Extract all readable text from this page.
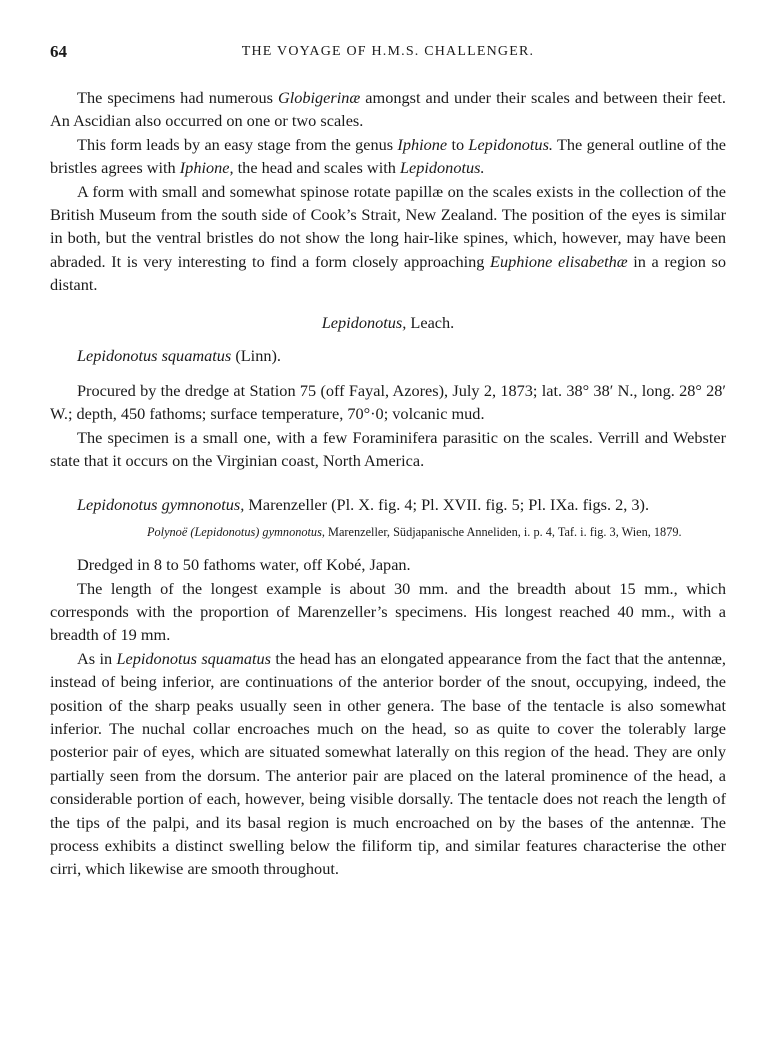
64	THE VOYAGE OF H.M.S. CHALLENGER.

The specimens had numerous Globigerinæ amongst and under their scales and between their feet. An Ascidian also occurred on one or two scales.

This form leads by an easy stage from the genus Iphione to Lepidonotus. The general outline of the bristles agrees with Iphione, the head and scales with Lepidonotus.

A form with small and somewhat spinose rotate papillæ on the scales exists in the collection of the British Museum from the south side of Cook’s Strait, New Zealand. The position of the eyes is similar in both, but the ventral bristles do not show the long hair-like spines, which, however, may have been abraded. It is very interesting to find a form closely approaching Euphione elisabethæ in a region so distant.

Lepidonotus, Leach.

Lepidonotus squamatus (Linn).

Procured by the dredge at Station 75 (off Fayal, Azores), July 2, 1873; lat. 38° 38′ N., long. 28° 28′ W.; depth, 450 fathoms; surface temperature, 70°·0; volcanic mud.

The specimen is a small one, with a few Foraminifera parasitic on the scales. Verrill and Webster state that it occurs on the Virginian coast, North America.

Lepidonotus gymnonotus, Marenzeller (Pl. X. fig. 4; Pl. XVII. fig. 5; Pl. IXa. figs. 2, 3).

Polynoë (Lepidonotus) gymnonotus, Marenzeller, Südjapanische Anneliden, i. p. 4, Taf. i. fig. 3, Wien, 1879.

Dredged in 8 to 50 fathoms water, off Kobé, Japan.

The length of the longest example is about 30 mm. and the breadth about 15 mm., which corresponds with the proportion of Marenzeller’s specimens. His longest reached 40 mm., with a breadth of 19 mm.

As in Lepidonotus squamatus the head has an elongated appearance from the fact that the antennæ, instead of being inferior, are continuations of the anterior border of the snout, occupying, indeed, the position of the sharp peaks usually seen in other genera. The base of the tentacle is also somewhat inferior. The nuchal collar encroaches much on the head, so as quite to cover the tolerably large posterior pair of eyes, which are situated somewhat laterally on this region of the head. They are only partially seen from the dorsum. The anterior pair are placed on the lateral prominence of the head, a considerable portion of each, however, being visible dorsally. The tentacle does not reach the length of the tips of the palpi, and its basal region is much encroached on by the bases of the antennæ. The process exhibits a distinct swelling below the filiform tip, and similar features characterise the other cirri, which likewise are smooth throughout.
